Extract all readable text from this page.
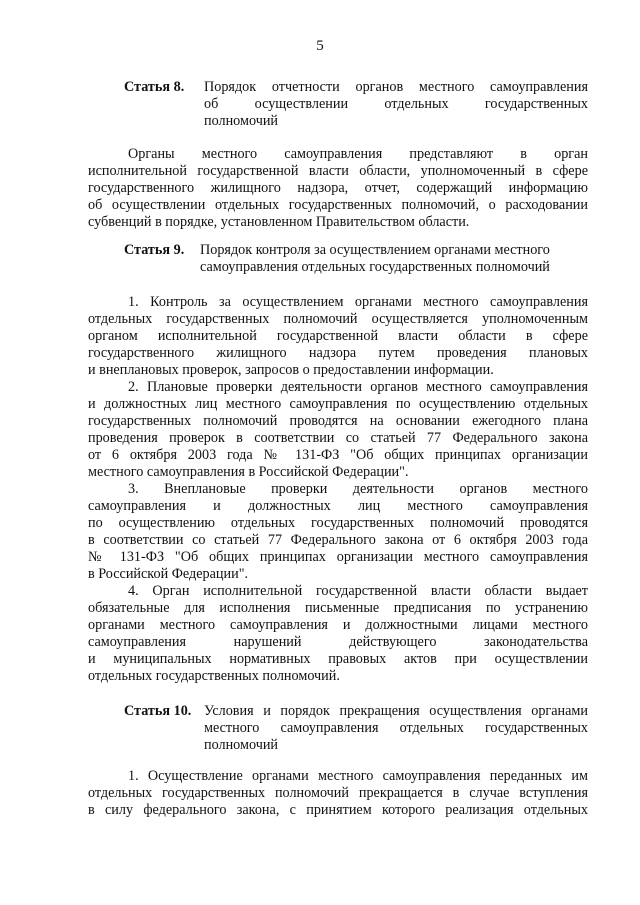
5
Статья 8. Порядок отчетности органов местного самоуправления
об осуществлении отдельных государственных
полномочий
Органы местного самоуправления представляют в орган
исполнительной государственной власти области, уполномоченный в сфере
государственного жилищного надзора, отчет, содержащий информацию
об осуществлении отдельных государственных полномочий, о расходовании
субвенций в порядке, установленном Правительством области.
Статья 9. Порядок контроля за осуществлением органами местного
самоуправления отдельных государственных полномочий
1. Контроль за осуществлением органами местного самоуправления
отдельных государственных полномочий осуществляется уполномоченным
органом исполнительной государственной власти области в сфере
государственного жилищного надзора путем проведения плановых
и внеплановых проверок, запросов о предоставлении информации.
2. Плановые проверки деятельности органов местного самоуправления
и должностных лиц местного самоуправления по осуществлению отдельных
государственных полномочий проводятся на основании ежегодного плана
проведения проверок в соответствии со статьей 77 Федерального закона
от 6 октября 2003 года № 131-ФЗ "Об общих принципах организации
местного самоуправления в Российской Федерации".
3. Внеплановые проверки деятельности органов местного
самоуправления и должностных лиц местного самоуправления
по осуществлению отдельных государственных полномочий проводятся
в соответствии со статьей 77 Федерального закона от 6 октября 2003 года
№ 131-ФЗ "Об общих принципах организации местного самоуправления
в Российской Федерации".
4. Орган исполнительной государственной власти области выдает
обязательные для исполнения письменные предписания по устранению
органами местного самоуправления и должностными лицами местного
самоуправления нарушений действующего законодательства
и муниципальных нормативных правовых актов при осуществлении
отдельных государственных полномочий.
Статья 10. Условия и порядок прекращения осуществления органами
местного самоуправления отдельных государственных
полномочий
1. Осуществление органами местного самоуправления переданных им
отдельных государственных полномочий прекращается в случае вступления
в силу федерального закона, с принятием которого реализация отдельных
